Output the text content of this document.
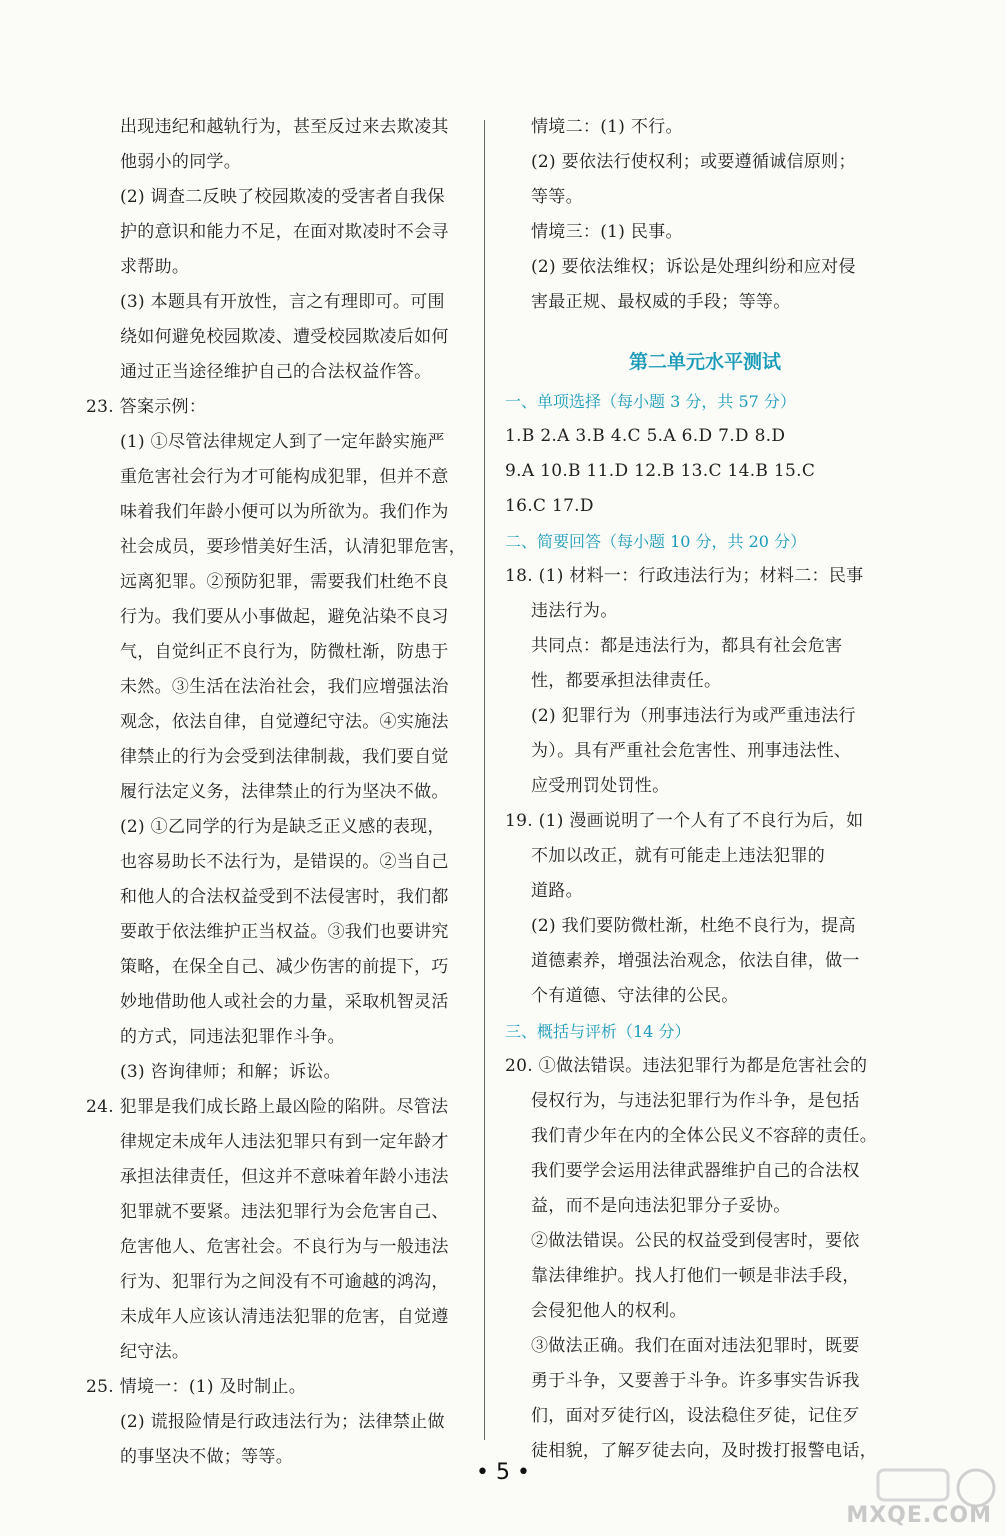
出现违纪和越轨行为，甚至反过来去欺凌其
他弱小的同学。
(2) 调查二反映了校园欺凌的受害者自我保
护的意识和能力不足，在面对欺凌时不会寻
求帮助。
(3) 本题具有开放性，言之有理即可。可围
绕如何避免校园欺凌、遭受校园欺凌后如何
通过正当途径维护自己的合法权益作答。
23. 答案示例：
(1) ①尽管法律规定人到了一定年龄实施严
重危害社会行为才可能构成犯罪，但并不意
味着我们年龄小便可以为所欲为。我们作为
社会成员，要珍惜美好生活，认清犯罪危害，
远离犯罪。②预防犯罪，需要我们杜绝不良
行为。我们要从小事做起，避免沾染不良习
气，自觉纠正不良行为，防微杜渐，防患于
未然。③生活在法治社会，我们应增强法治
观念，依法自律，自觉遵纪守法。④实施法
律禁止的行为会受到法律制裁，我们要自觉
履行法定义务，法律禁止的行为坚决不做。
(2) ①乙同学的行为是缺乏正义感的表现，
也容易助长不法行为，是错误的。②当自己
和他人的合法权益受到不法侵害时，我们都
要敢于依法维护正当权益。③我们也要讲究
策略，在保全自己、减少伤害的前提下，巧
妙地借助他人或社会的力量，采取机智灵活
的方式，同违法犯罪作斗争。
(3) 咨询律师；和解；诉讼。
24. 犯罪是我们成长路上最凶险的陷阱。尽管法
律规定未成年人违法犯罪只有到一定年龄才
承担法律责任，但这并不意味着年龄小违法
犯罪就不要紧。违法犯罪行为会危害自己、
危害他人、危害社会。不良行为与一般违法
行为、犯罪行为之间没有不可逾越的鸿沟，
未成年人应该认清违法犯罪的危害，自觉遵
纪守法。
25. 情境一：(1) 及时制止。
(2) 谎报险情是行政违法行为；法律禁止做
的事坚决不做；等等。
情境二：(1) 不行。
(2) 要依法行使权利；或要遵循诚信原则；
等等。
情境三：(1) 民事。
(2) 要依法维权；诉讼是处理纠纷和应对侵
害最正规、最权威的手段；等等。
第二单元水平测试
一、单项选择（每小题 3 分，共 57 分）
1.B 2.A 3.B 4.C 5.A 6.D 7.D 8.D
9.A 10.B 11.D 12.B 13.C 14.B 15.C
16.C 17.D
二、简要回答（每小题 10 分，共 20 分）
18. (1) 材料一：行政违法行为；材料二：民事
违法行为。
共同点：都是违法行为，都具有社会危害
性，都要承担法律责任。
(2) 犯罪行为（刑事违法行为或严重违法行
为）。具有严重社会危害性、刑事违法性、
应受刑罚处罚性。
19. (1) 漫画说明了一个人有了不良行为后，如
不加以改正，就有可能走上违法犯罪的
道路。
(2) 我们要防微杜渐，杜绝不良行为，提高
道德素养，增强法治观念，依法自律，做一
个有道德、守法律的公民。
三、概括与评析（14 分）
20. ①做法错误。违法犯罪行为都是危害社会的
侵权行为，与违法犯罪行为作斗争，是包括
我们青少年在内的全体公民义不容辞的责任。
我们要学会运用法律武器维护自己的合法权
益，而不是向违法犯罪分子妥协。
②做法错误。公民的权益受到侵害时，要依
靠法律维护。找人打他们一顿是非法手段，
会侵犯他人的权利。
③做法正确。我们在面对违法犯罪时，既要
勇于斗争，又要善于斗争。许多事实告诉我
们，面对歹徒行凶，设法稳住歹徒，记住歹
徒相貌，了解歹徒去向，及时拨打报警电话，
• 5 •
MXQE.COM
